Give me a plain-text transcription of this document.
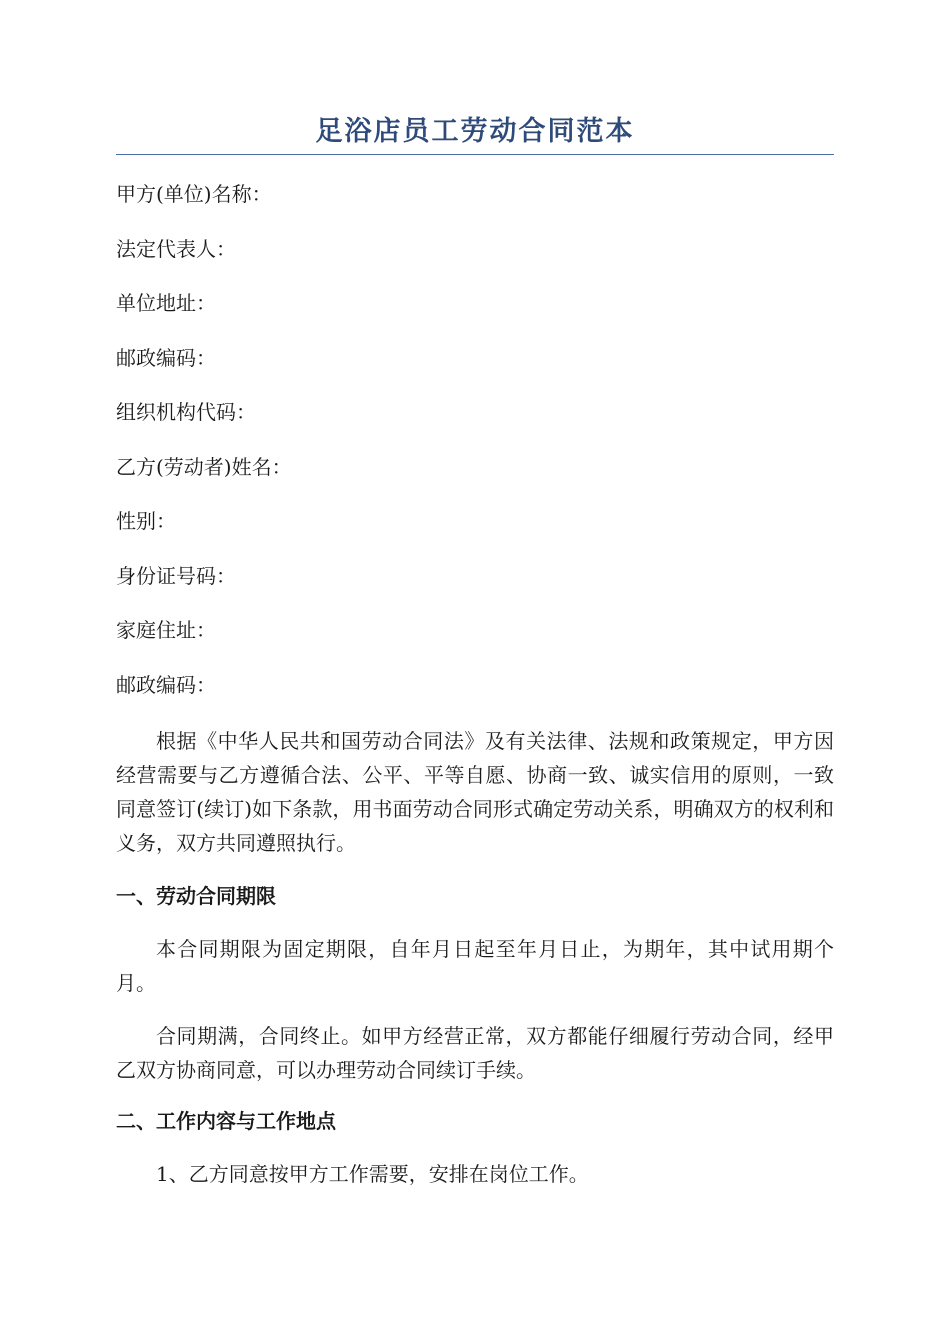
足浴店员工劳动合同范本
甲方(单位)名称：
法定代表人：
单位地址：
邮政编码：
组织机构代码：
乙方(劳动者)姓名：
性别：
身份证号码：
家庭住址：
邮政编码：

根据《中华人民共和国劳动合同法》及有关法律、法规和政策规定，甲方因经营需要与乙方遵循合法、公平、平等自愿、协商一致、诚实信用的原则，一致同意签订(续订)如下条款，用书面劳动合同形式确定劳动关系，明确双方的权利和义务，双方共同遵照执行。

一、劳动合同期限

本合同期限为固定期限，自年月日起至年月日止，为期年，其中试用期个月。

合同期满，合同终止。如甲方经营正常，双方都能仔细履行劳动合同，经甲乙双方协商同意，可以办理劳动合同续订手续。

二、工作内容与工作地点

1、乙方同意按甲方工作需要，安排在岗位工作。
